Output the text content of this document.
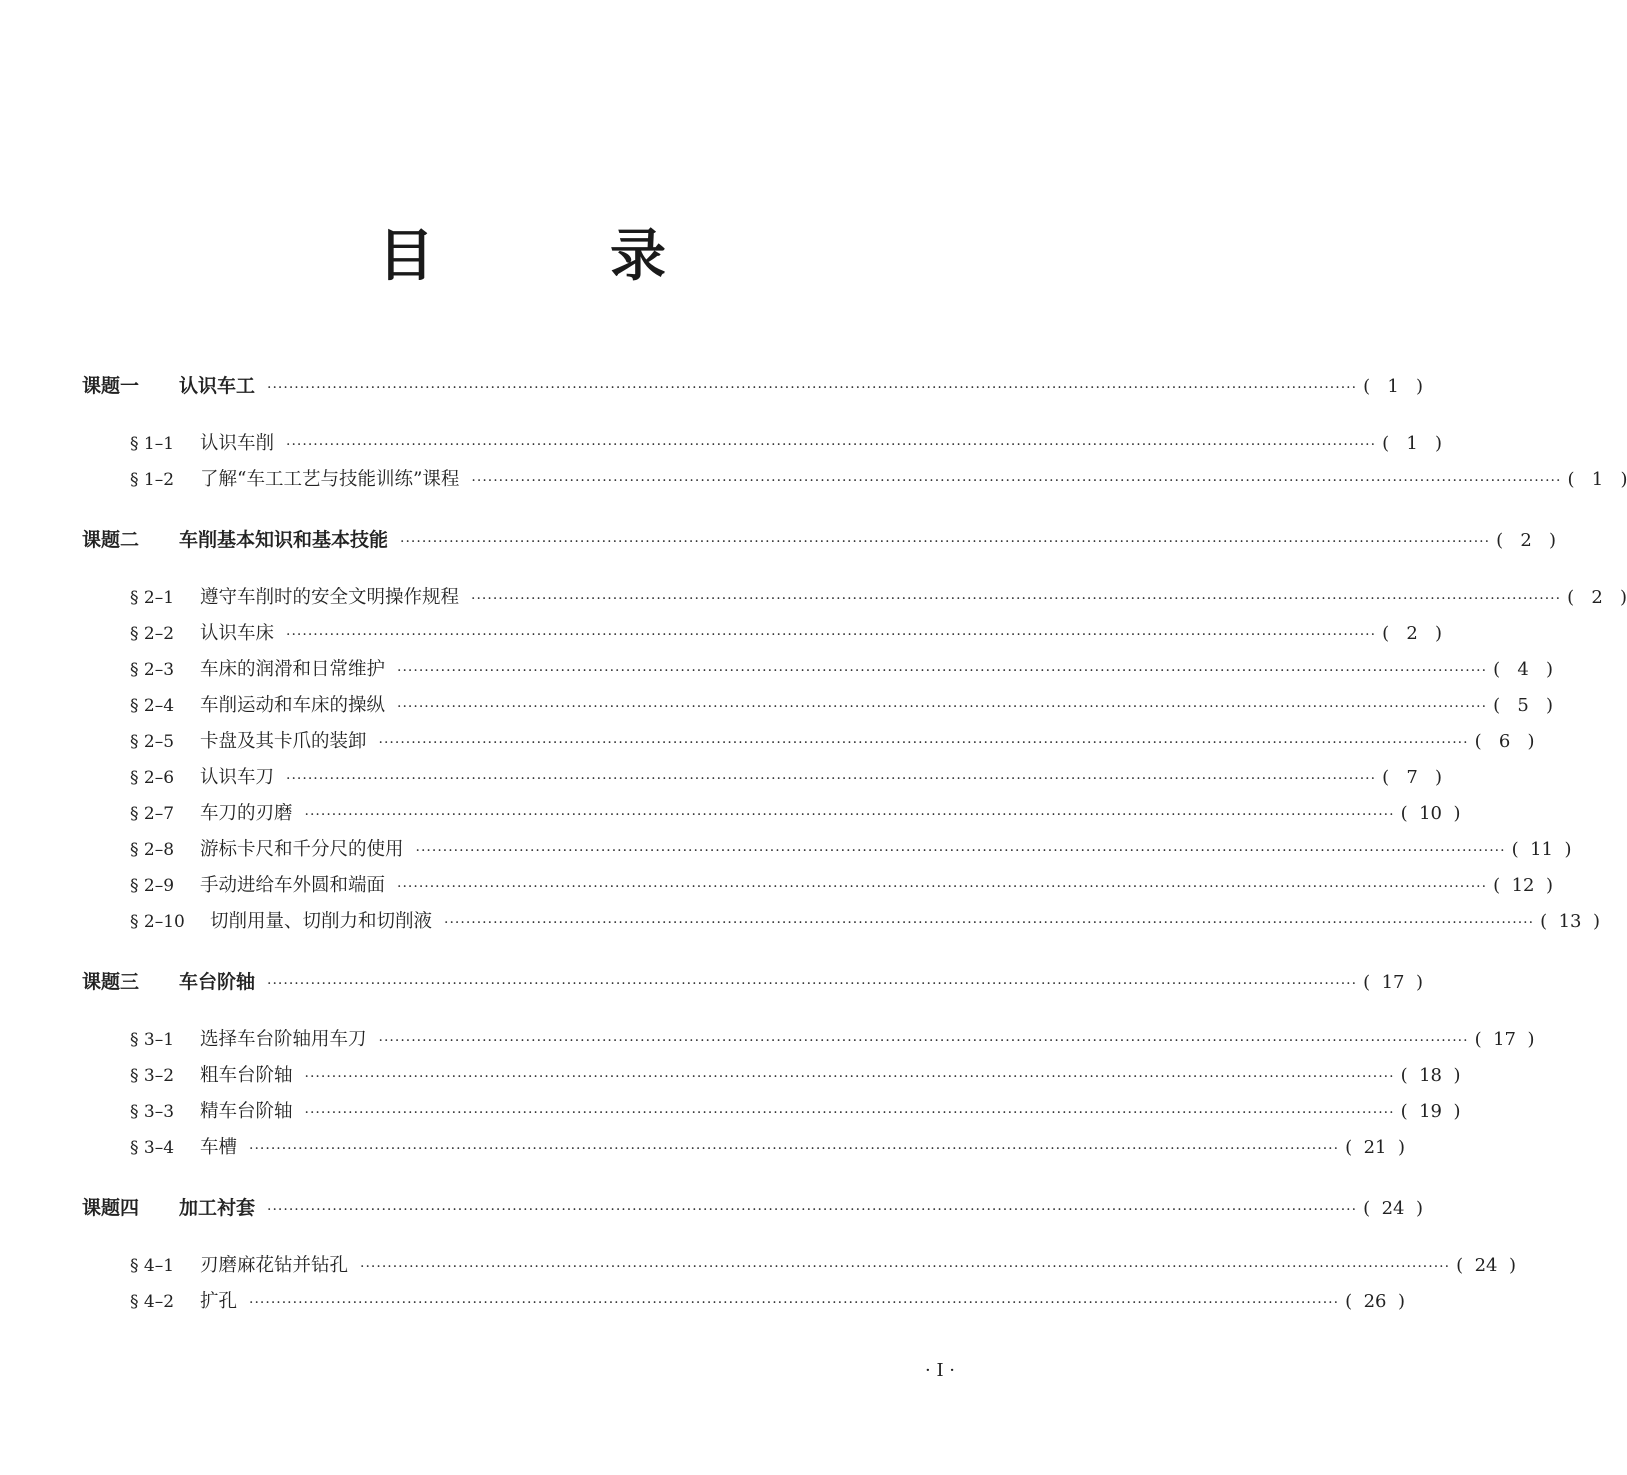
目　录
课题一	认识车工 ········································································································································································································ ( 1 )
§ 1–1	认识车削 ········································································································································································································ ( 1 )
§ 1–2	了解“车工工艺与技能训练”课程 ········································································································································································································ ( 1 )
课题二	车削基本知识和基本技能 ········································································································································································································ ( 2 )
§ 2–1	遵守车削时的安全文明操作规程 ········································································································································································································ ( 2 )
§ 2–2	认识车床 ········································································································································································································ ( 2 )
§ 2–3	车床的润滑和日常维护 ········································································································································································································ ( 4 )
§ 2–4	车削运动和车床的操纵 ········································································································································································································ ( 5 )
§ 2–5	卡盘及其卡爪的装卸 ········································································································································································································ ( 6 )
§ 2–6	认识车刀 ········································································································································································································ ( 7 )
§ 2–7	车刀的刃磨 ········································································································································································································ ( 10 )
§ 2–8	游标卡尺和千分尺的使用 ········································································································································································································ ( 11 )
§ 2–9	手动进给车外圆和端面 ········································································································································································································ ( 12 )
§ 2–10	切削用量、切削力和切削液 ········································································································································································································ ( 13 )
课题三	车台阶轴 ········································································································································································································ ( 17 )
§ 3–1	选择车台阶轴用车刀 ········································································································································································································ ( 17 )
§ 3–2	粗车台阶轴 ········································································································································································································ ( 18 )
§ 3–3	精车台阶轴 ········································································································································································································ ( 19 )
§ 3–4	车槽 ········································································································································································································ ( 21 )
课题四	加工衬套 ········································································································································································································ ( 24 )
§ 4–1	刃磨麻花钻并钻孔 ········································································································································································································ ( 24 )
§ 4–2	扩孔 ········································································································································································································ ( 26 )
· I ·
